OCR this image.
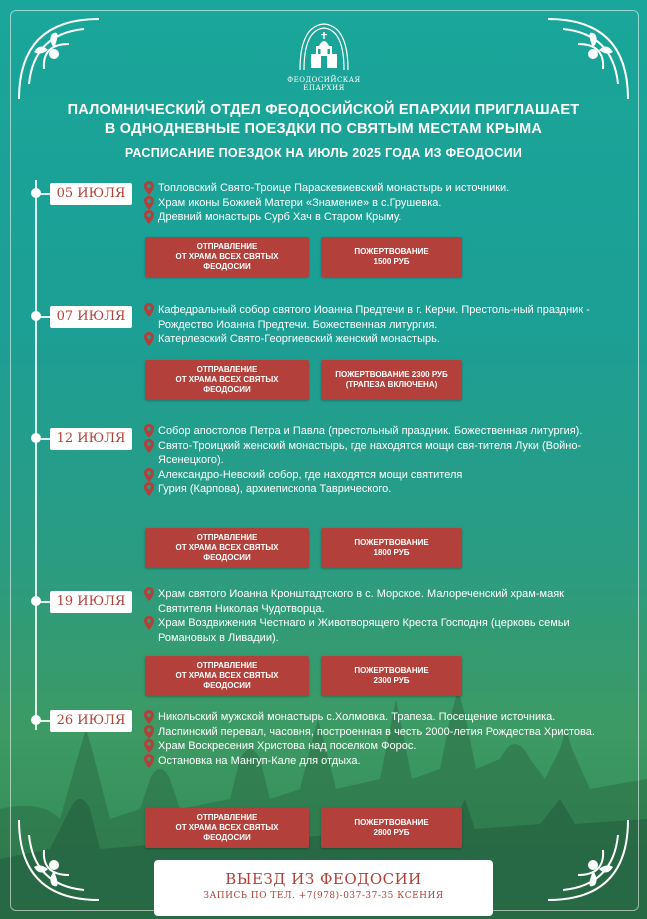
ФЕОДОСИЙСКАЯ
ЕПАРХИЯ
ПАЛОМНИЧЕСКИЙ ОТДЕЛ ФЕОДОСИЙСКОЙ ЕПАРХИИ ПРИГЛАШАЕТ
В ОДНОДНЕВНЫЕ ПОЕЗДКИ ПО СВЯТЫМ МЕСТАМ КРЫМА
РАСПИСАНИЕ ПОЕЗДОК НА ИЮЛЬ 2025 ГОДА ИЗ ФЕОДОСИИ
05 ИЮЛЯ	Топловский Свято-Троице Параскевиевский монастырь и источники.
Храм иконы Божией Матери «Знамение» в с.Грушевка.
Древний монастырь Сурб Хач в Старом Крыму.
ОТПРАВЛЕНИЕ
ОТ ХРАМА ВСЕХ СВЯТЫХ
ФЕОДОСИИ
ПОЖЕРТВОВАНИЕ
1500 РУБ
07 ИЮЛЯ	Кафедральный собор святого Иоанна Предтечи в г. Керчи. Престоль-ный праздник - Рождество Иоанна Предтечи. Божественная литургия.
Катерлезский Свято-Георгиевский женский монастырь.
ОТПРАВЛЕНИЕ
ОТ ХРАМА ВСЕХ СВЯТЫХ
ФЕОДОСИИ
ПОЖЕРТВОВАНИЕ 2300 РУБ
(ТРАПЕЗА ВКЛЮЧЕНА)
12 ИЮЛЯ	Собор апостолов Петра и Павла (престольный праздник. Божественная литургия).
Свято-Троицкий женский монастырь, где находятся мощи свя-тителя Луки (Войно-Ясенецкого).
Александро-Невский собор, где находятся мощи святителя
Гурия (Карпова), архиепископа Таврического.
ОТПРАВЛЕНИЕ
ОТ ХРАМА ВСЕХ СВЯТЫХ
ФЕОДОСИИ
ПОЖЕРТВОВАНИЕ
1800 РУБ
19 ИЮЛЯ	Храм святого Иоанна Кронштадтского в с. Морское. Малореченский храм-маяк Святителя Николая Чудотворца.
Храм Воздвижения Честнаго и Животворящего Креста Господня (церковь семьи Романовых в Ливадии).
ОТПРАВЛЕНИЕ
ОТ ХРАМА ВСЕХ СВЯТЫХ
ФЕОДОСИИ
ПОЖЕРТВОВАНИЕ
2300 РУБ
26 ИЮЛЯ	Никольский мужской монастырь с.Холмовка. Трапеза. Посещение источника.
Ласпинский перевал, часовня, построенная в честь 2000-летия Рождества Христова.
Храм Воскресения Христова над поселком Форос.
Остановка на Мангуп-Кале для отдыха.
ОТПРАВЛЕНИЕ
ОТ ХРАМА ВСЕХ СВЯТЫХ
ФЕОДОСИИ
ПОЖЕРТВОВАНИЕ
2800 РУБ
ВЫЕЗД ИЗ ФЕОДОСИИ
ЗАПИСЬ ПО ТЕЛ. +7(978)-037-37-35 КСЕНИЯ
